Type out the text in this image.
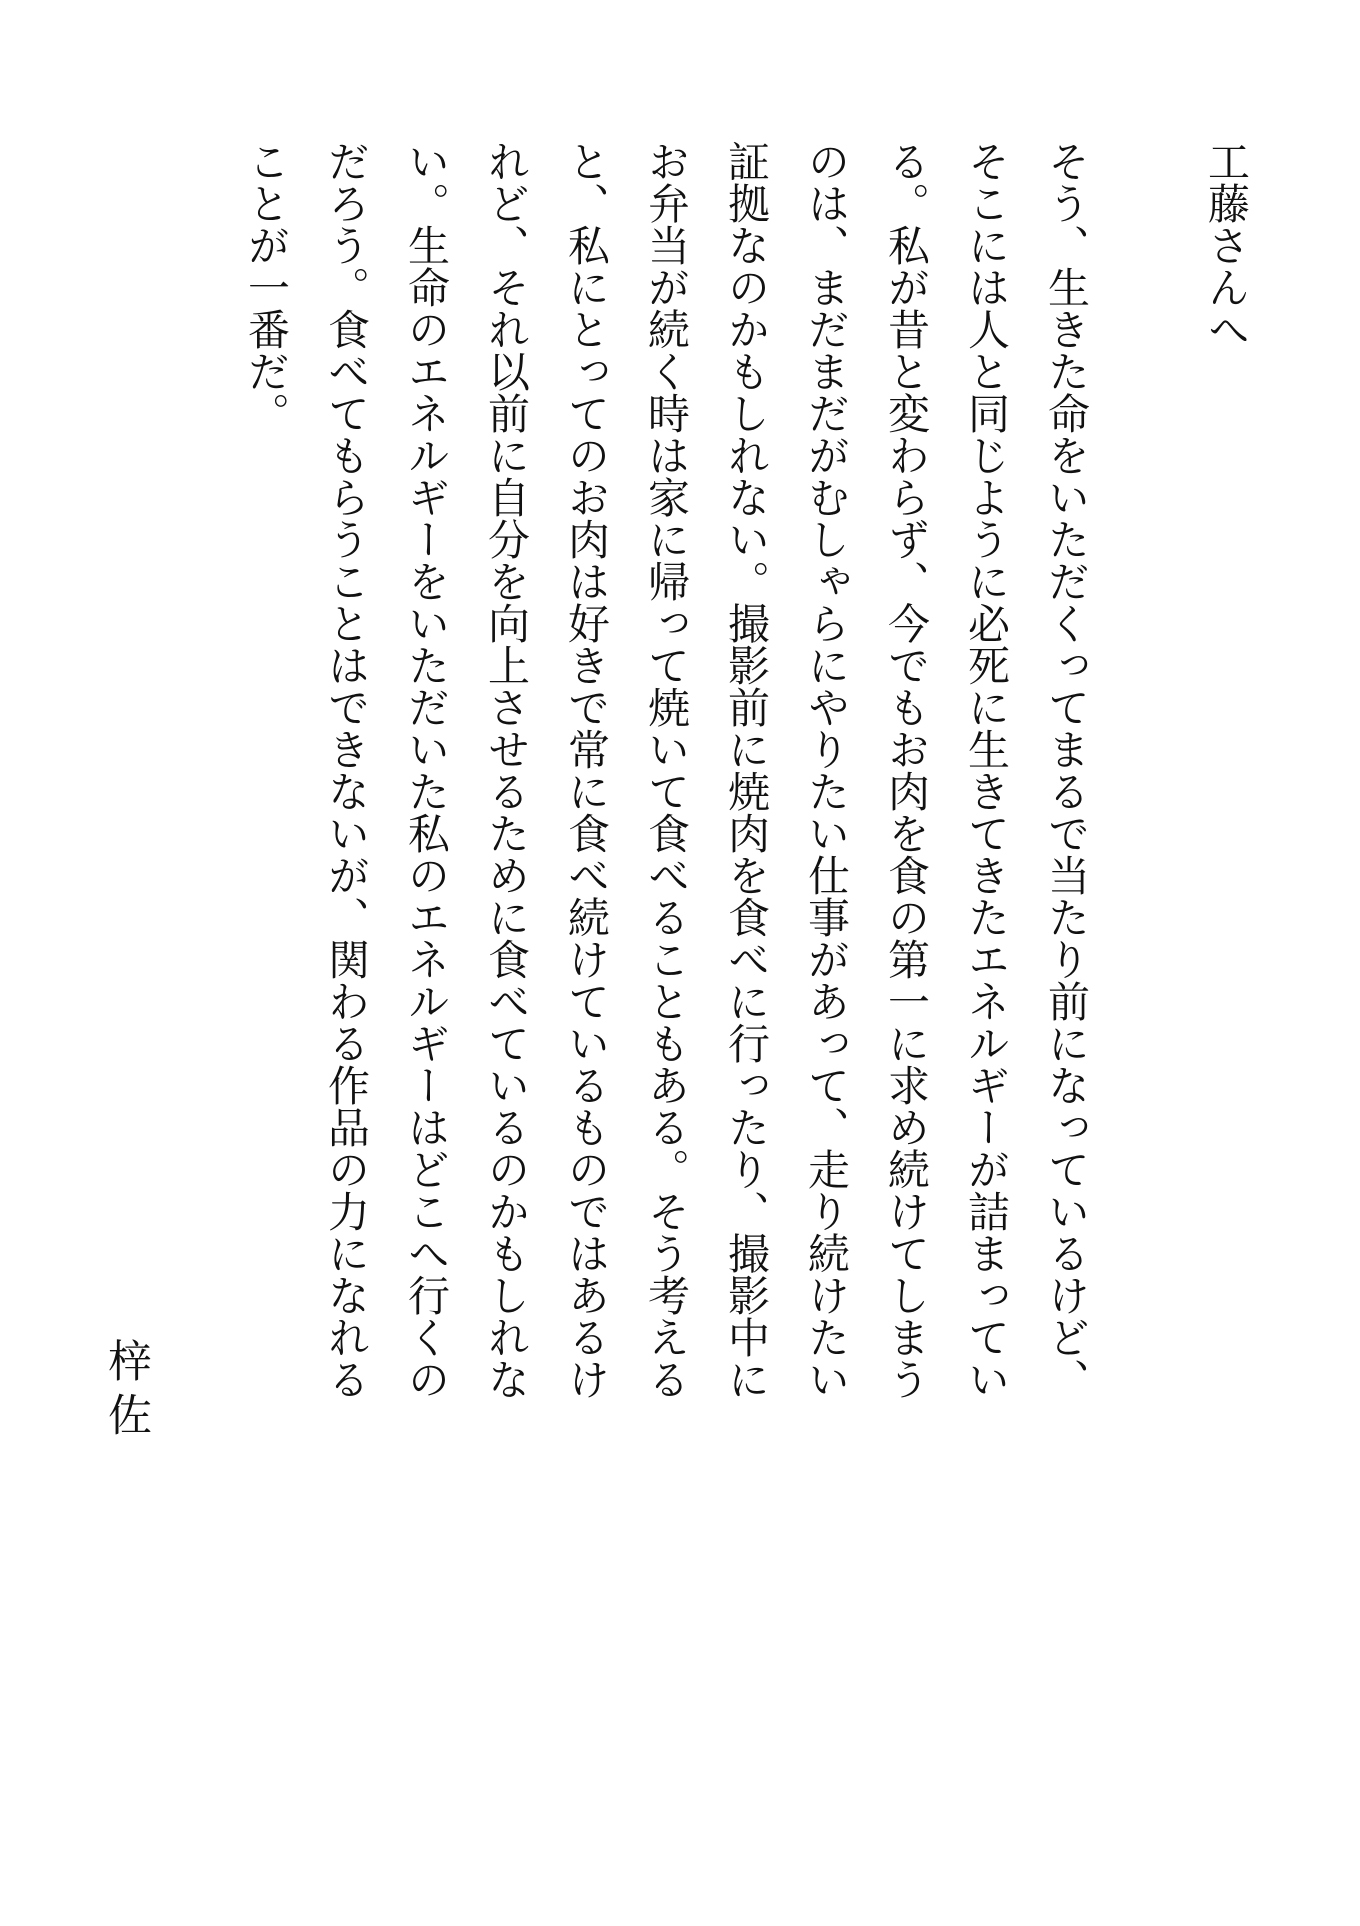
工藤さんへ
そう、生きた命をいただくってまるで当たり前になっているけど、
そこには人と同じように必死に生きてきたエネルギーが詰まってい
る。私が昔と変わらず、今でもお肉を食の第一に求め続けてしまう
のは、まだまだがむしゃらにやりたい仕事があって、走り続けたい
証拠なのかもしれない。撮影前に焼肉を食べに行ったり、撮影中に
お弁当が続く時は家に帰って焼いて食べることもある。そう考える
と、私にとってのお肉は好きで常に食べ続けているものではあるけ
れど、それ以前に自分を向上させるために食べているのかもしれな
い。生命のエネルギーをいただいた私のエネルギーはどこへ行くの
だろう。食べてもらうことはできないが、関わる作品の力になれる
ことが一番だ。
梓佐
